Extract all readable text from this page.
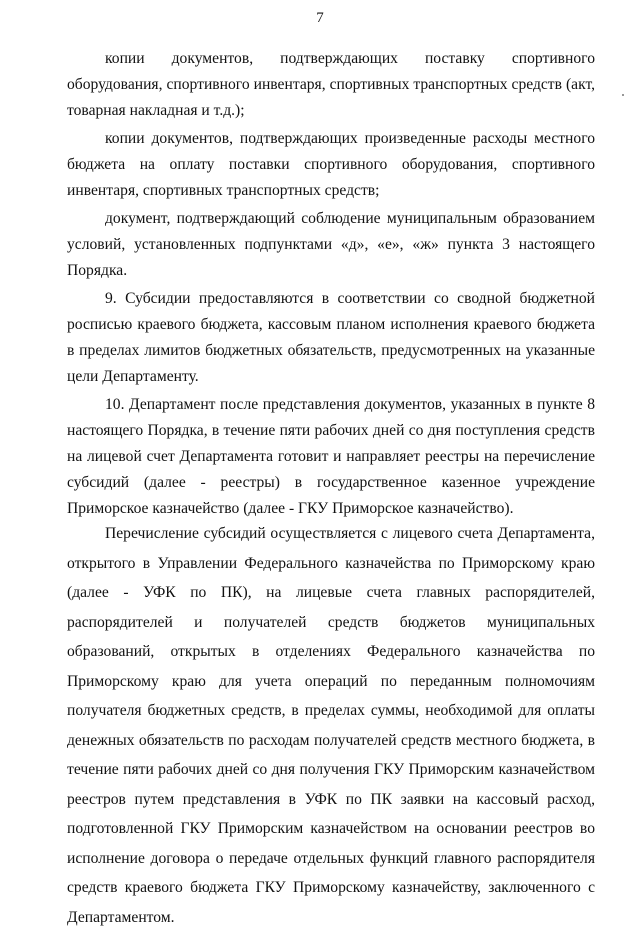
7

копии документов, подтверждающих поставку спортивного оборудования, спортивного инвентаря, спортивных транспортных средств (акт, товарная накладная и т.д.);

копии документов, подтверждающих произведенные расходы местного бюджета на оплату поставки спортивного оборудования, спортивного инвентаря, спортивных транспортных средств;

документ, подтверждающий соблюдение муниципальным образованием условий, установленных подпунктами «д», «е», «ж» пункта 3 настоящего Порядка.

9. Субсидии предоставляются в соответствии со сводной бюджетной росписью краевого бюджета, кассовым планом исполнения краевого бюджета в пределах лимитов бюджетных обязательств, предусмотренных на указанные цели Департаменту.

10. Департамент после представления документов, указанных в пункте 8 настоящего Порядка, в течение пяти рабочих дней со дня поступления средств на лицевой счет Департамента готовит и направляет реестры на перечисление субсидий (далее - реестры) в государственное казенное учреждение Приморское казначейство (далее - ГКУ Приморское казначейство).

Перечисление субсидий осуществляется с лицевого счета Департамента, открытого в Управлении Федерального казначейства по Приморскому краю (далее - УФК по ПК), на лицевые счета главных распорядителей, распорядителей и получателей средств бюджетов муниципальных образований, открытых в отделениях Федерального казначейства по Приморскому краю для учета операций по переданным полномочиям получателя бюджетных средств, в пределах суммы, необходимой для оплаты денежных обязательств по расходам получателей средств местного бюджета, в течение пяти рабочих дней со дня получения ГКУ Приморским казначейством реестров путем представления в УФК по ПК заявки на кассовый расход, подготовленной ГКУ Приморским казначейством на основании реестров во исполнение договора о передаче отдельных функций главного распорядителя средств краевого бюджета ГКУ Приморскому казначейству, заключенного с Департаментом.
